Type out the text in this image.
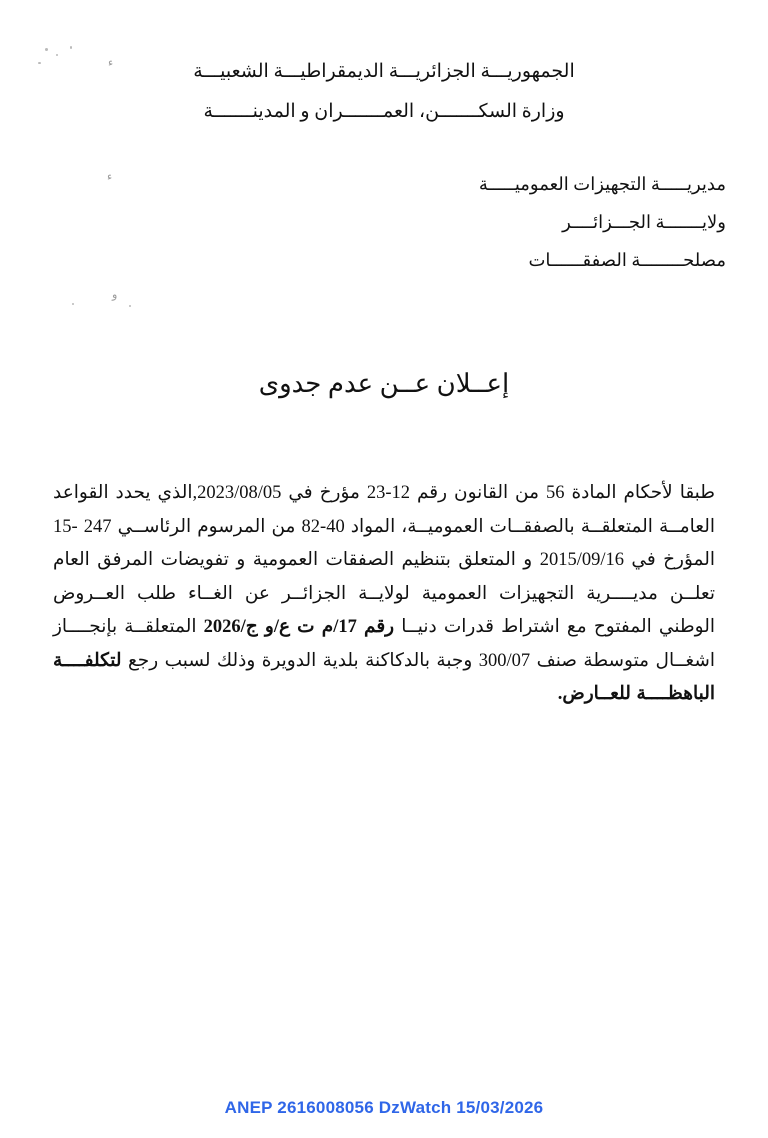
ء
ء
ﻭ
الجمهوريـــة الجزائريـــة الديمقراطيـــة الشعبيـــة
وزارة السكـــــــن، العمـــــــران و المدينـــــــة
مديريـــــة التجهيزات العموميـــــة
ولايـــــــة الجـــزائــــر
مصلحــــــــة الصفقــــــات
إعــلان عــن عدم جدوى

طبقا لأحكام المادة 56 من القانون رقم 12-23 مؤرخ في 2023/08/05,الذي يحدد القواعد العامــة المتعلقــة بالصفقــات العموميــة، المواد 40-82 من المرسوم الرئاســي 247 -15 المؤرخ في 2015/09/16 و المتعلق بتنظيم الصفقات العمومية و تفويضات المرفق العام تعلــن مديــــرية التجهيزات العمومية لولايــة الجزائــر عن الغــاء طلب العــروض الوطني المفتوح مع اشتراط قدرات دنيــا رقم 17/م ت ع/و ج/2026 المتعلقــة بإنجــــاز اشغــال متوسطة صنف 300/07 وجبة بالدكاكنة بلدية الدويرة وذلك لسبب رجع لتكلفــــة الباهظــــة للعــارض.

ANEP 2616008056 DzWatch 15/03/2026
